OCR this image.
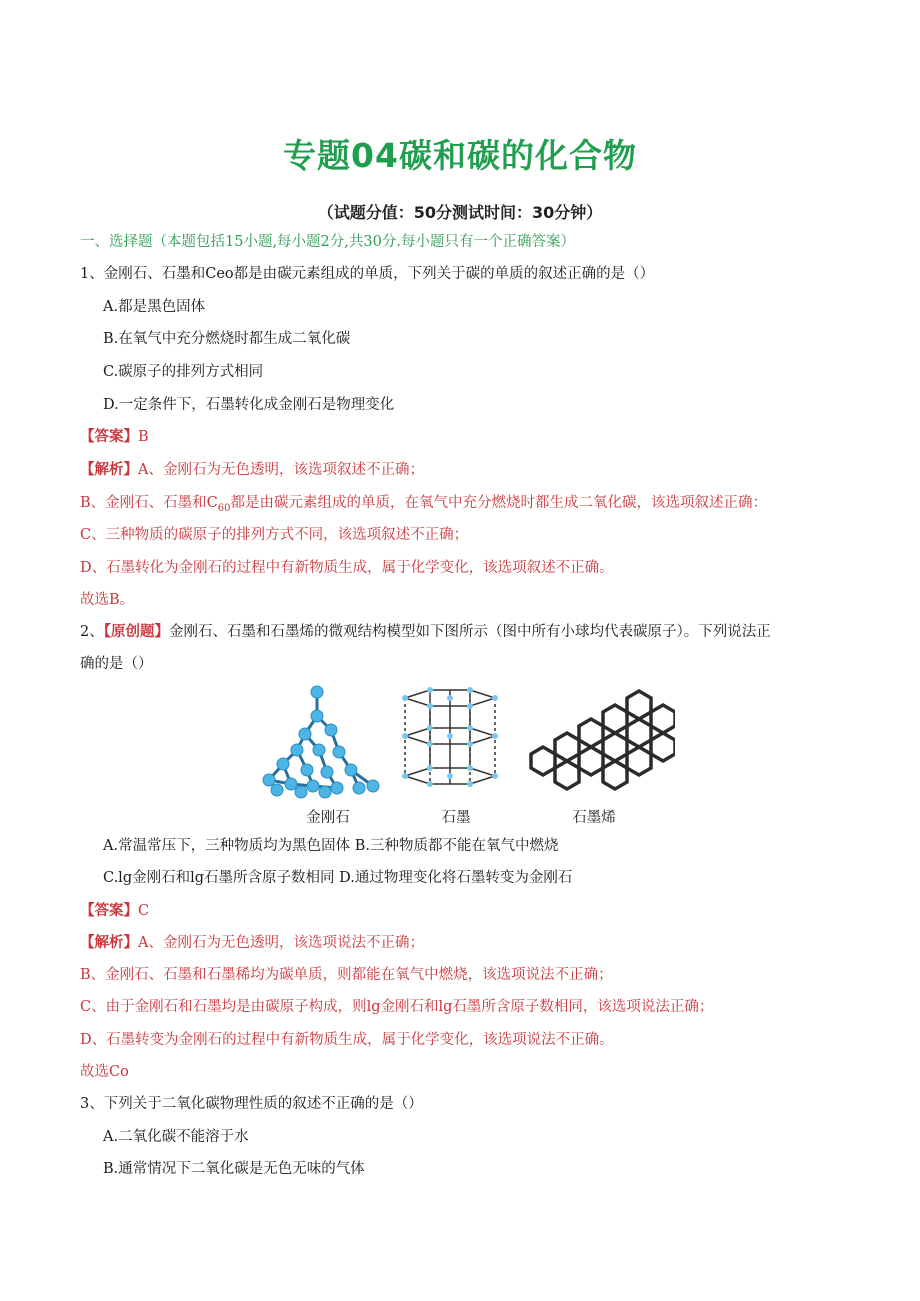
专题04碳和碳的化合物
（试题分值：50分测试时间：30分钟）
一、选择题（本题包括15小题,每小题2分,共30分.每小题只有一个正确答案）
1、金刚石、石墨和Ceo都是由碳元素组成的单质，下列关于碳的单质的叙述正确的是（）
A.都是黑色固体
B.在氧气中充分燃烧时都生成二氧化碳
C.碳原子的排列方式相同
D.一定条件下，石墨转化成金刚石是物理变化
【答案】B
【解析】A、金刚石为无色透明，该选项叙述不正确；
B、金刚石、石墨和$C_{60}$都是由碳元素组成的单质，在氧气中充分燃烧时都生成二氧化碳，该选项叙述正确：
C、三种物质的碳原子的排列方式不同，该选项叙述不正确；
D、石墨转化为金刚石的过程中有新物质生成，属于化学变化，该选项叙述不正确。
故选B。
2、【原创题】金刚石、石墨和石墨烯的微观结构模型如下图所示（图中所有小球均代表碳原子）。下列说法正
确的是（）
金刚石	石墨	石墨烯
A.常温常压下，三种物质均为黑色固体 B.三种物质都不能在氧气中燃烧
C.lg金刚石和lg石墨所含原子数相同 D.通过物理变化将石墨转变为金刚石
【答案】C
【解析】A、金刚石为无色透明，该选项说法不正确；
B、金刚石、石墨和石墨稀均为碳单质，则都能在氧气中燃烧，该选项说法不正确；
C、由于金刚石和石墨均是由碳原子构成，则lg金刚石和lg石墨所含原子数相同，该选项说法正确；
D、石墨转变为金刚石的过程中有新物质生成，属于化学变化，该选项说法不正确。
故选Co
3、下列关于二氧化碳物理性质的叙述不正确的是（）
A.二氧化碳不能溶于水
B.通常情况下二氧化碳是无色无味的气体
